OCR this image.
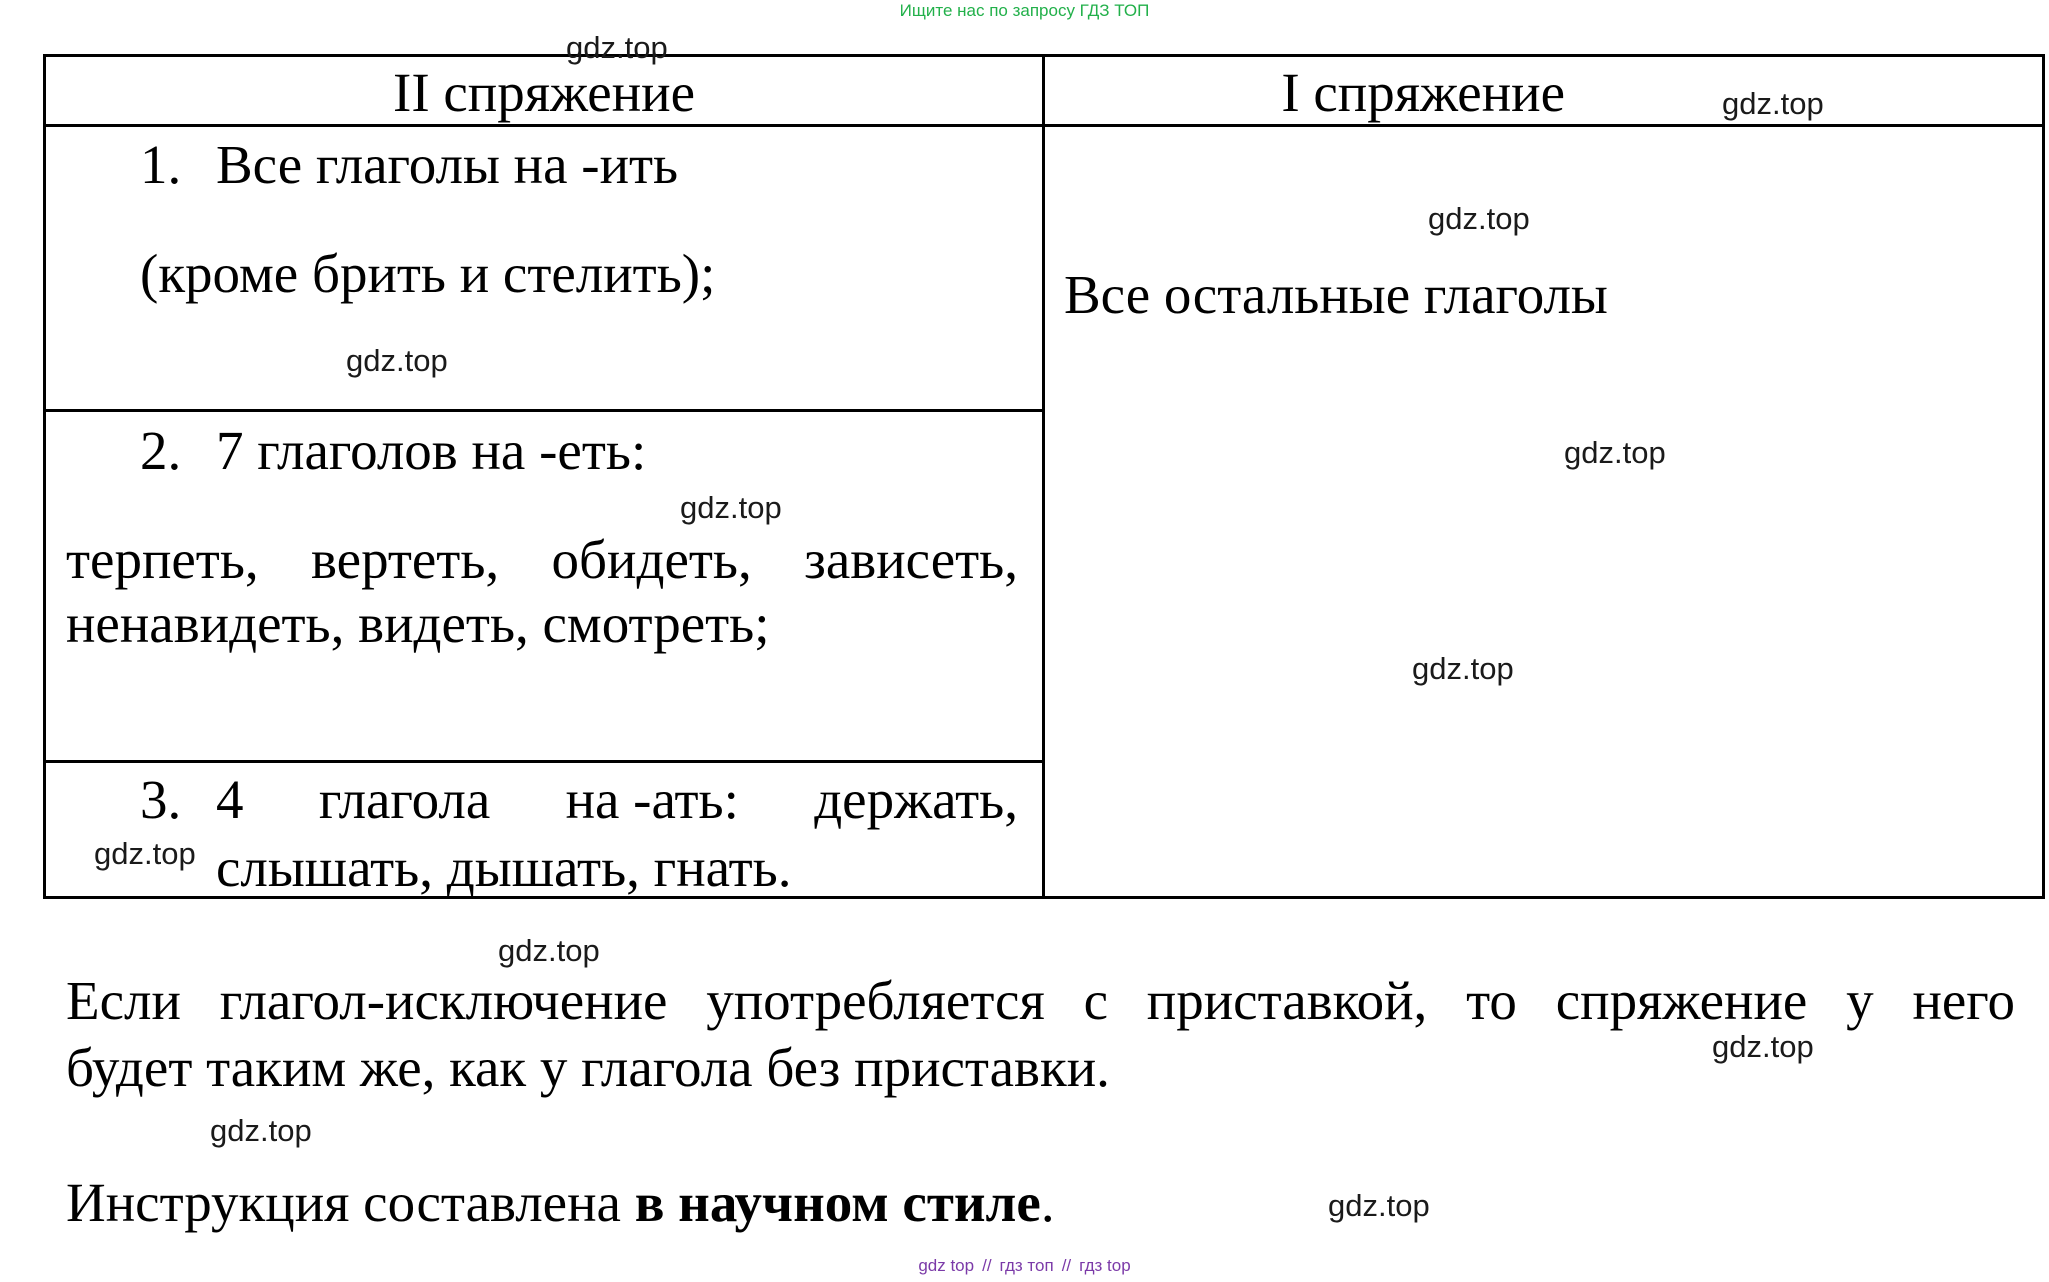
Ищите нас по запросу ГДЗ ТОП
II спряжение	I спряжение
1. Все глаголы на -ить
(кроме брить и стелить);
2. 7 глаголов на -еть:
терпеть, вертеть, обидеть, зависеть,
ненавидеть, видеть, смотреть;
3. 4 глагола на -ать: держать,
слышать, дышать, гнать.
Все остальные глаголы
Если глагол-исключение употребляется с приставкой, то спряжение у него
будет таким же, как у глагола без приставки.
Инструкция составлена в научном стиле.
gdz.top
gdz.top
gdz.top
gdz.top
gdz.top
gdz.top
gdz.top
gdz.top
gdz.top
gdz.top
gdz.top
gdz.top
gdz top // гдз топ // гдз top
